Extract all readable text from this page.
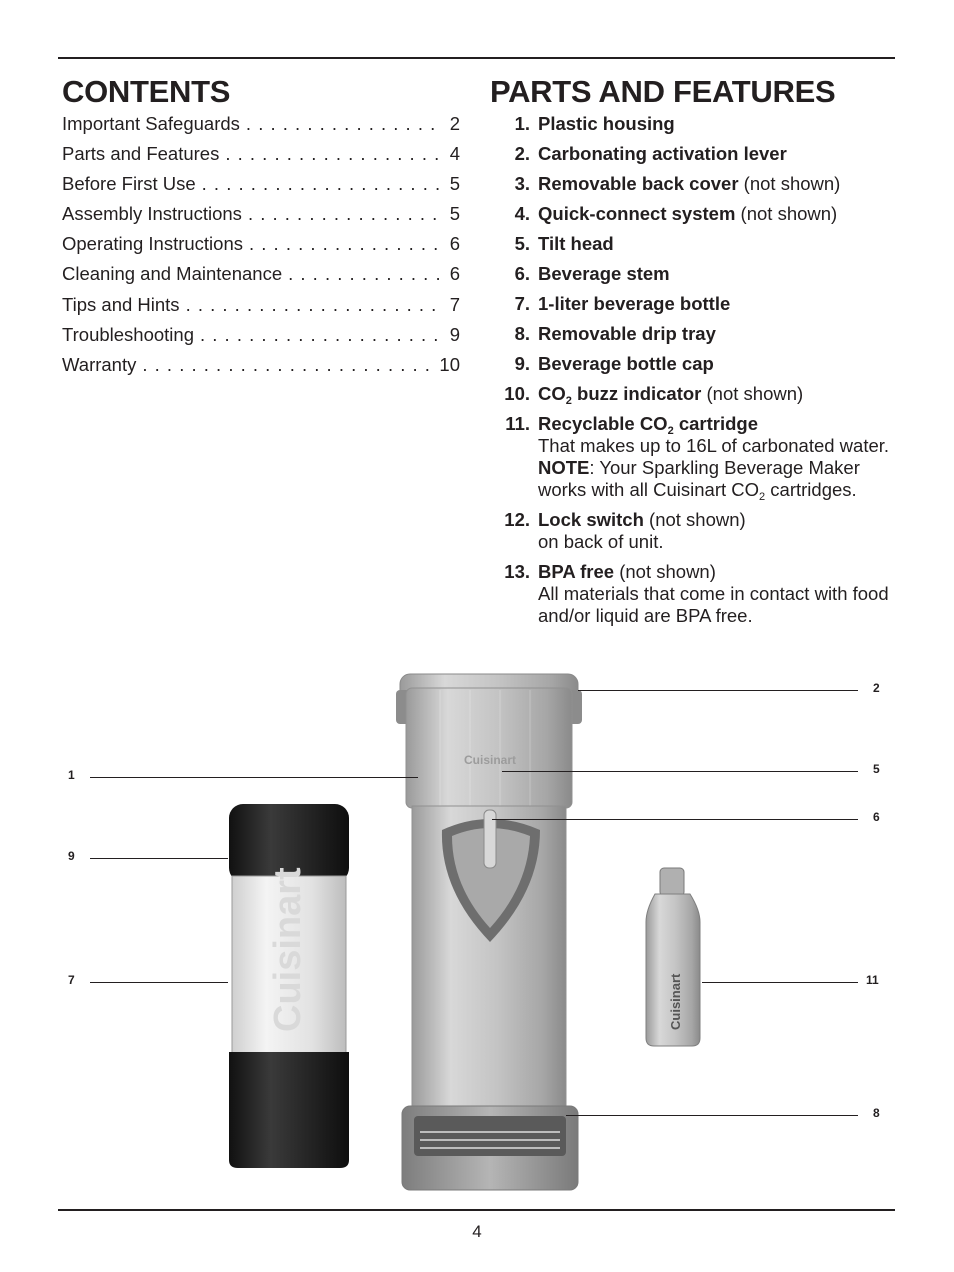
CONTENTS	PARTS AND FEATURES
Important Safeguards . . .	2
Parts and Features . . .	4
Before First Use . . .	5
Assembly Instructions . . .	5
Operating Instructions . . .	6
Cleaning and Maintenance . . .	6
Tips and Hints . . .	7
Troubleshooting . . .	9
Warranty . . .	10
1. Plastic housing
2. Carbonating activation lever
3. Removable back cover (not shown)
4. Quick-connect system (not shown)
5. Tilt head
6. Beverage stem
7. 1-liter beverage bottle
8. Removable drip tray
9. Beverage bottle cap
10. $CO_2$ buzz indicator (not shown)
11. Recyclable $CO_2$ cartridge
That makes up to 16L of carbonated water. NOTE: Your Sparkling Beverage Maker works with all Cuisinart $CO_2$ cartridges.
12. Lock switch (not shown)
on back of unit.
13. BPA free (not shown)
All materials that come in contact with food and/or liquid are BPA free.
Cuisinart
Cuisinart	Cuisinart
1
9
7
2
5
6
11
8
4
